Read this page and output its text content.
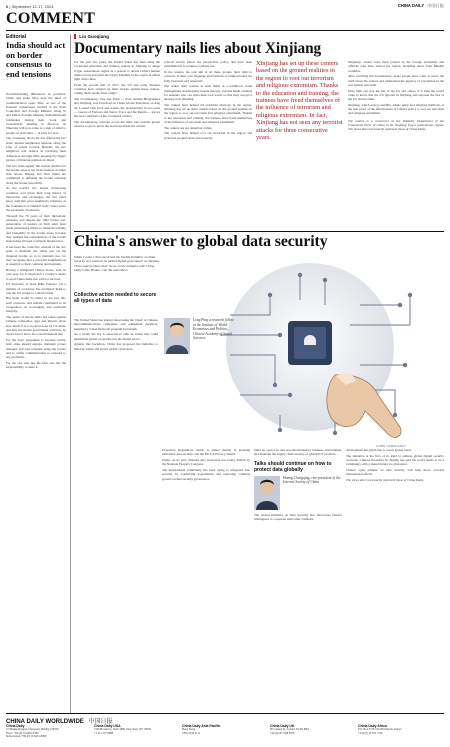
6 | September 12-17, 2024	CHINA DAILY 中国日报
COMMENT
Editorial
India should act on border consensus to end tensions

Notwithstanding differences in positions, China and India have kept the lines of communication open. This, as one of the frequent consensuses reached at the State Councillor and Foreign Minister Wang Yi and Indian Foreign Minister Subrahmanyam Jaishankar during their 'work and consultation' meeting in Moscow on Thursday will now come as a sign of relief to people on both sides — at least for now.

The consensus, above all, has offered the two sides' mutual heightened tensions along the Line of Actual Control. Besides, the two neighbors will believe in resolving their differences through talks, keeping the bigger picture of bilateral relations in mind.

The two sides agreed 'the current situation in the border areas is not in the interest of either side' shows Beijing and New Delhi are committed to defusing the border situation along the border peacefully.

As the world's two largest developing countries, and given their long history of interaction and exchanges, the two sides know well that good neighborly relations, as the foundation of bilateral trade, better serve the escalation of tensions.

Through the 70 years of their diplomatic relations, and despite the 1962 border war, generations of leaders on both sides have made painstaking efforts to maintain stability and tranquility in the border areas, because they realized the consequences of the border issue being allowed to impede bilateral ties.

It has been the collective wisdom of the two sides to maintain the status quo on the disputed border, so as to maintain ties, for they recognize that a peaceful neighborhood is essential to their common development.

Having a belligerent United States, with its own nose for it, mean that a country's desire to spoil China-India ties will not succeed.

US Secretary of State Mike Pompeo, yet a number of occasions, has prompted India to join the US wedge to contain China.

But India would do better to not buy into such overtures and remain committed to its cooperation on sovereignty and territorial integrity.

The series of moves India has taken against Chinese companies, apps and imports show how much it is to be hard done by US deals, and how the Indian government will have no choice but to show the overall bilateral ties.

For the days' agreement to become reality, both sides should engage, maintain proper dialogue and ease tensions along the border and to stable communication to respond to any problems.

For the one who ties the knot also has the responsibility to untie it.

Liu Guoqiang
Documentary nails lies about Xinjiang

For the past few years, the United States has been using the vocational education and training centers in Xinjiang to allege Uygur autonomous region as a pretext to attack China's human rights record and paint the Uygur Muslims in the region in unfair light with China.

From the second half of 2017, the US and some Western countries have ramped up their attacks against these centers, calling them 'reeducation camps'.

The documentary, Lies and Truth — Four Animal Biographies and Xinjiang, was broadcast on China Global Television on Aug 24. Loaded with facts and scenes, the documentary in two parts — Guerra of Fortress and Terror, Trace and the Return — shows the real conditions of the vocational centers.

The documentary, relevant across the lines, also enables global viewers to get to know the real lives inside the centers.

schools strictly follow the people-first policy, and have been established in accordance with the law.

In the centers, the real aim of all these groups, their right to converse in their own language and freedom of religion belief are fully protected and respected.

The center offer courses in such fields as e-commerce, hotel management, hairdressing, beauty therapy, and this small cabinets for students who can write their own words so that they can get a decent job in Xinjiang.

The centers have helped rid extremist ideology in the region. Xinjiang has set up these centers based on the ground realities in the region to root out terrorism and religious extremism. Thanks to the education and training, the trainees have freed themselves of the influence of terrorism and religious extremism.

The centers are not detention camps.

The centers have helped root out terrorism in the region and protected people's lives and property.

Xinjiang has set up these centers based on the ground realities in the region to root out terrorism and religious extremism. Thanks to the education and training, the trainees have freed themselves of the influence of terrorism and religious extremism. In fact, Xinjiang has not seen any terrorist attacks for three consecutive years.

Xinjiang's centers have been praised by the foreign journalists and officials who have visited the region, including those from Muslim countries.

After watching the documentary, many people have come to know the truth about the centers and understand the urgency of prevention in the war against terrorism.

Only truth can stop the lies of the US and others. It is time the world came to know that the US ignored in Xinjiang and exposed the lies of the US and its allies.

Xinjiang, which enjoys stability, ethnic unity and religious harmony, is the best proof of the effectiveness of China's policy to root out terrorism and religious extremism.

The author is a researcher at the Publicity Department of the Communist Party of China in the Xinjiang Uygur autonomous region. The views don't necessarily represent those of China Daily.

China's answer to global data security
Editor's note: China launched the Global Initiative on Data Security at a seminar on global digital governance on Tuesday. Three experts share their views on the initiative with China Daily's Pan Yixuan, Cao Yin and others.
Collective action needed to secure all types of data
LI MIN / CHINA DAILY
Long Ping a research fellow at the Institute of World Economics and Politics, Chinese Academy of Social Sciences

The United States has started showcasing the 'clean' of Chinese telecommunications companies and equipment suppliers, launched a 'Clean Network' program last month.

As a result, the US is expected to take an action that could undermine global cooperation in the digital sector.

Against this backdrop, China has proposed the initiative to build up stable and secure global cyberspace.

Protection Regulation, which is aimed mainly at securing individual data security, and the EU-US Privacy Shield.

China, on its part, initiated data protection law being drafted by the National People's Congress.

The international community has been trying to safeguard data security by conducting experiments and exploring common ground on data security governance.

build an open, fair and non-discriminatory business environment, and maintain the supply chain security of global ICT products.

Talks should continue on how to protect data globally
Huang Chengqing, vice-president of the Internet Society of China

The Global Initiative on Data Security also showcases China's willingness to cooperate with other countries.

development has given rise to a new global trend.

The initiative is the first of its kind to address global digital security concerns. Chinese President Xi Jinping has said the world needs to be a community with a shared future in cyberspace.

China's open attitude on data security will help move forward international efforts.

The views don't necessarily represent those of China Daily.

CHINA DAILY WORLDWIDE 中国日报
China Daily
15 Huixin Dongjie, Chaoyang, Beijing 100029
News: +86 (0) 10 6491-8366
Subscription: +86 (0) 10 6491-8000
China Daily USA
1500 Broadway, Suite 2800, New York, NY 10036
+1 212 537 8888
China Daily Asia Pacific
Hong Kong
+852 2518 5111
China Daily UK
90 Cannon St, London EC4N 6HA
+44 (0) 20 7398 8270
China Daily Africa
P.O. Box 27281-00100 Nairobi, Kenya
+254 (0) 20 522 7316
